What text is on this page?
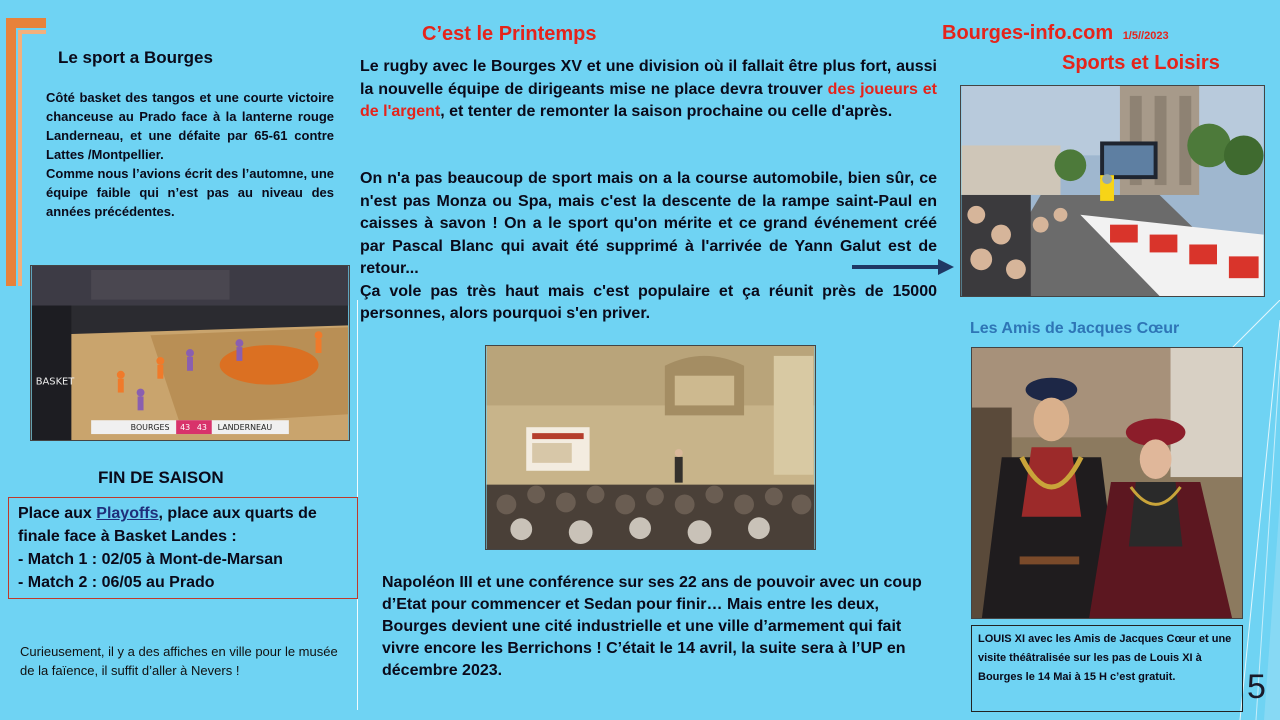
C’est le Printemps	Bourges-info.com 1/5//2023
Sports et Loisirs
Le sport a Bourges
Côté basket des tangos et une courte victoire chanceuse au Prado face à la lanterne rouge Landerneau, et une défaite par 65-61 contre Lattes /Montpellier.
Comme nous l’avions écrit des l’automne, une équipe faible qui n’est pas au niveau des années précédentes.
BASKET
BOURGES 43 43 LANDERNEAU
FIN DE SAISON
Place aux Playoffs, place aux quarts de finale face à Basket Landes :
- Match 1 : 02/05 à Mont-de-Marsan
- Match 2 : 06/05 au Prado
Curieusement, il y a des affiches en ville pour le musée de la faïence, il suffit d’aller à Nevers !
Le rugby avec le Bourges XV et une division où il fallait être plus fort, aussi la nouvelle équipe de dirigeants mise ne place devra trouver des joueurs et de l'argent, et tenter de remonter la saison prochaine ou celle d'après.
On n'a pas beaucoup de sport mais on a la course automobile, bien sûr, ce n'est pas Monza ou Spa, mais c'est la descente de la rampe saint-Paul en caisses à savon ! On a le sport qu'on mérite et ce grand événement créé par Pascal Blanc qui avait été supprimé à l'arrivée de Yann Galut est de retour...
Ça vole pas très haut mais c'est populaire et ça réunit près de 15000 personnes, alors pourquoi s'en priver.
Napoléon III et une conférence sur ses 22 ans de pouvoir avec un coup d’Etat pour commencer et Sedan pour finir… Mais entre les deux, Bourges devient une cité industrielle et une ville d’armement qui fait vivre encore les Berrichons ! C’était le 14 avril, la suite sera à l’UP en décembre 2023.
Les Amis de Jacques Cœur
LOUIS XI avec les Amis de Jacques Cœur et une visite théâtralisée sur les pas de Louis XI à Bourges le 14 Mai à 15 H c’est gratuit.	5
